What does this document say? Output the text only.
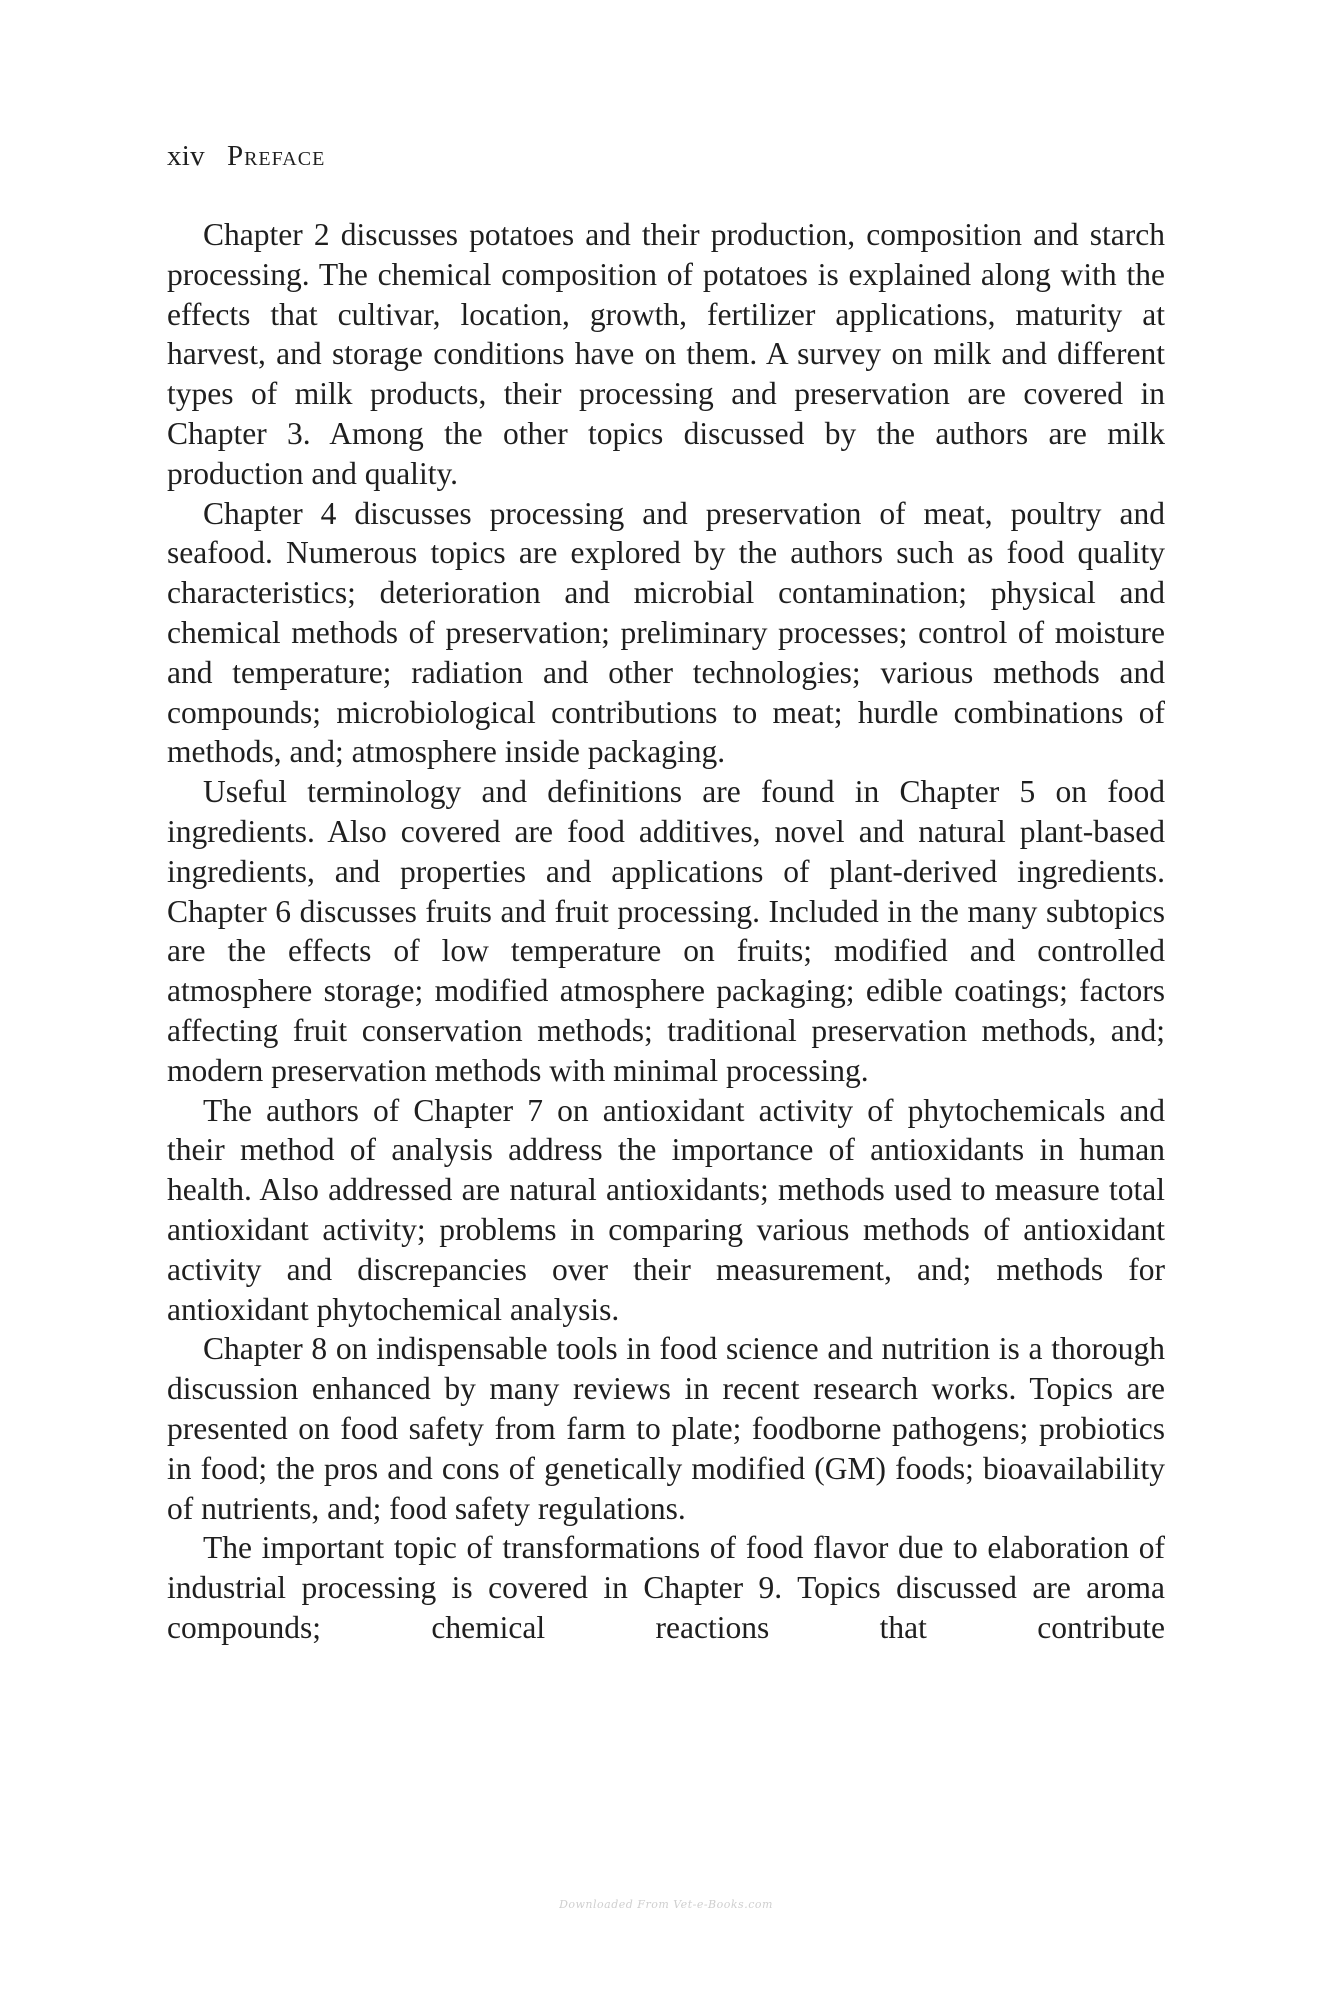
xiv Preface

Chapter 2 discusses potatoes and their production, composition and starch processing. The chemical composition of potatoes is explained along with the effects that cultivar, location, growth, fertilizer applications, maturity at harvest, and storage conditions have on them. A survey on milk and different types of milk products, their processing and preservation are covered in Chapter 3. Among the other topics discussed by the authors are milk production and quality.

Chapter 4 discusses processing and preservation of meat, poultry and seafood. Numerous topics are explored by the authors such as food quality characteristics; deterioration and microbial contamination; physical and chemical methods of preservation; preliminary processes; control of moisture and temperature; radiation and other technologies; various methods and compounds; microbiological contributions to meat; hurdle combinations of methods, and; atmosphere inside packaging.

Useful terminology and definitions are found in Chapter 5 on food ingredients. Also covered are food additives, novel and natural plant-based ingredients, and properties and applications of plant-derived ingredients. Chapter 6 discusses fruits and fruit processing. Included in the many subtopics are the effects of low temperature on fruits; modified and controlled atmosphere storage; modified atmosphere packaging; edible coatings; factors affecting fruit conservation methods; traditional preservation methods, and; modern preservation methods with minimal processing.

The authors of Chapter 7 on antioxidant activity of phytochemicals and their method of analysis address the importance of antioxidants in human health. Also addressed are natural antioxidants; methods used to measure total antioxidant activity; problems in comparing various methods of antioxidant activity and discrepancies over their measurement, and; methods for antioxidant phytochemical analysis.

Chapter 8 on indispensable tools in food science and nutrition is a thorough discussion enhanced by many reviews in recent research works. Topics are presented on food safety from farm to plate; foodborne pathogens; probiotics in food; the pros and cons of genetically modified (GM) foods; bioavailability of nutrients, and; food safety regulations.

The important topic of transformations of food flavor due to elaboration of industrial processing is covered in Chapter 9. Topics discussed are aroma compounds; chemical reactions that contribute

Downloaded From Vet-e-Books.com
